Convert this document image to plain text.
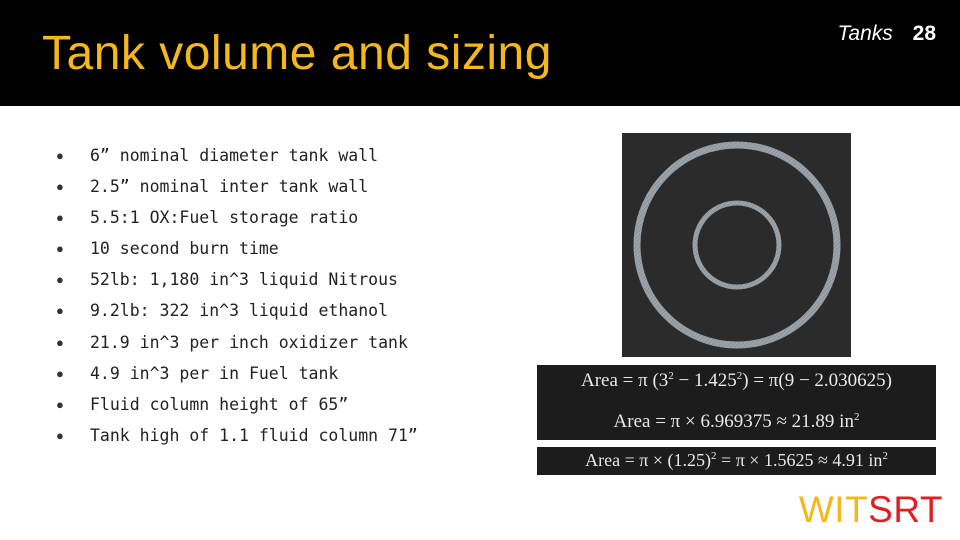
Tank volume and sizing	Tanks 28
●	6” nominal diameter tank wall
●	2.5” nominal inter tank wall
●	5.5:1 OX:Fuel storage ratio
●	10 second burn time
●	52lb: 1,180 in^3 liquid Nitrous
●	9.2lb: 322 in^3 liquid ethanol
●	21.9 in^3 per inch oxidizer tank
●	4.9 in^3 per in Fuel tank
●	Fluid column height of 65”
●	Tank high of 1.1 fluid column 71”
Area = π $(3^2 - 1.425^2) = \pi(9 - 2.030625)$
Area = π × 6.969375 ≈ 21.89 $in^2$
Area = $\pi \times (1.25)^2 = \pi \times 1.5625 \approx 4.91$ $in^2$
WITSRT
